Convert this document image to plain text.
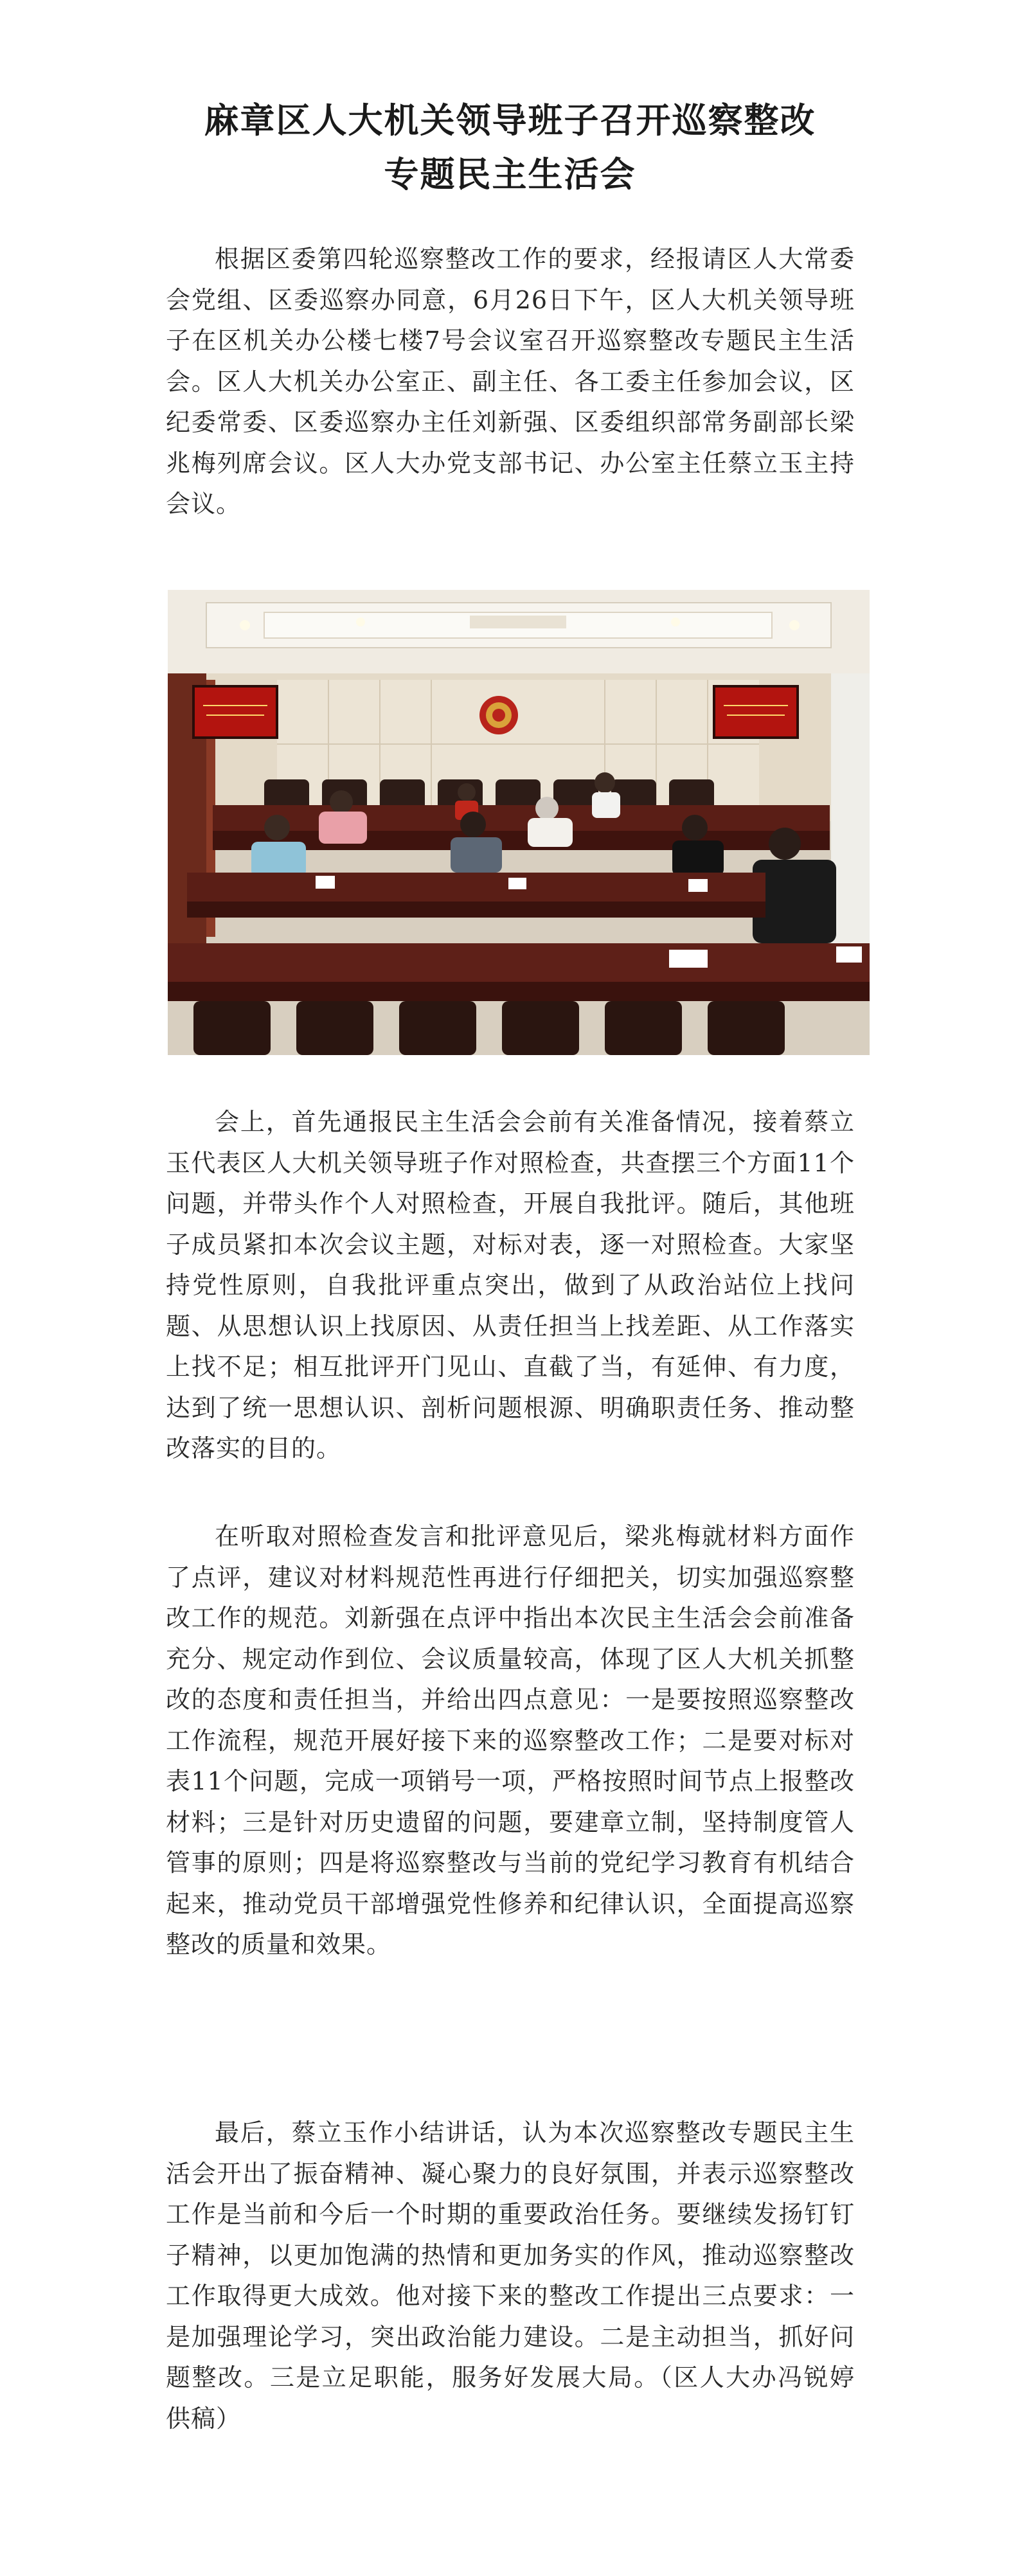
麻章区人大机关领导班子召开巡察整改
专题民主生活会

根据区委第四轮巡察整改工作的要求，经报请区人大常委会党组、区委巡察办同意，6月26日下午，区人大机关领导班子在区机关办公楼七楼7号会议室召开巡察整改专题民主生活会。区人大机关办公室正、副主任、各工委主任参加会议，区纪委常委、区委巡察办主任刘新强、区委组织部常务副部长梁兆梅列席会议。区人大办党支部书记、办公室主任蔡立玉主持会议。

会上，首先通报民主生活会会前有关准备情况，接着蔡立玉代表区人大机关领导班子作对照检查，共查摆三个方面11个问题，并带头作个人对照检查，开展自我批评。随后，其他班子成员紧扣本次会议主题，对标对表，逐一对照检查。大家坚持党性原则，自我批评重点突出，做到了从政治站位上找问题、从思想认识上找原因、从责任担当上找差距、从工作落实上找不足；相互批评开门见山、直截了当，有延伸、有力度，达到了统一思想认识、剖析问题根源、明确职责任务、推动整改落实的目的。

在听取对照检查发言和批评意见后，梁兆梅就材料方面作了点评，建议对材料规范性再进行仔细把关，切实加强巡察整改工作的规范。刘新强在点评中指出本次民主生活会会前准备充分、规定动作到位、会议质量较高，体现了区人大机关抓整改的态度和责任担当，并给出四点意见：一是要按照巡察整改工作流程，规范开展好接下来的巡察整改工作；二是要对标对表11个问题，完成一项销号一项，严格按照时间节点上报整改材料；三是针对历史遗留的问题，要建章立制，坚持制度管人管事的原则；四是将巡察整改与当前的党纪学习教育有机结合起来，推动党员干部增强党性修养和纪律认识，全面提高巡察整改的质量和效果。

最后，蔡立玉作小结讲话，认为本次巡察整改专题民主生活会开出了振奋精神、凝心聚力的良好氛围，并表示巡察整改工作是当前和今后一个时期的重要政治任务。要继续发扬钉钉子精神，以更加饱满的热情和更加务实的作风，推动巡察整改工作取得更大成效。他对接下来的整改工作提出三点要求：一是加强理论学习，突出政治能力建设。二是主动担当，抓好问题整改。三是立足职能，服务好发展大局。（区人大办冯锐婷供稿）
